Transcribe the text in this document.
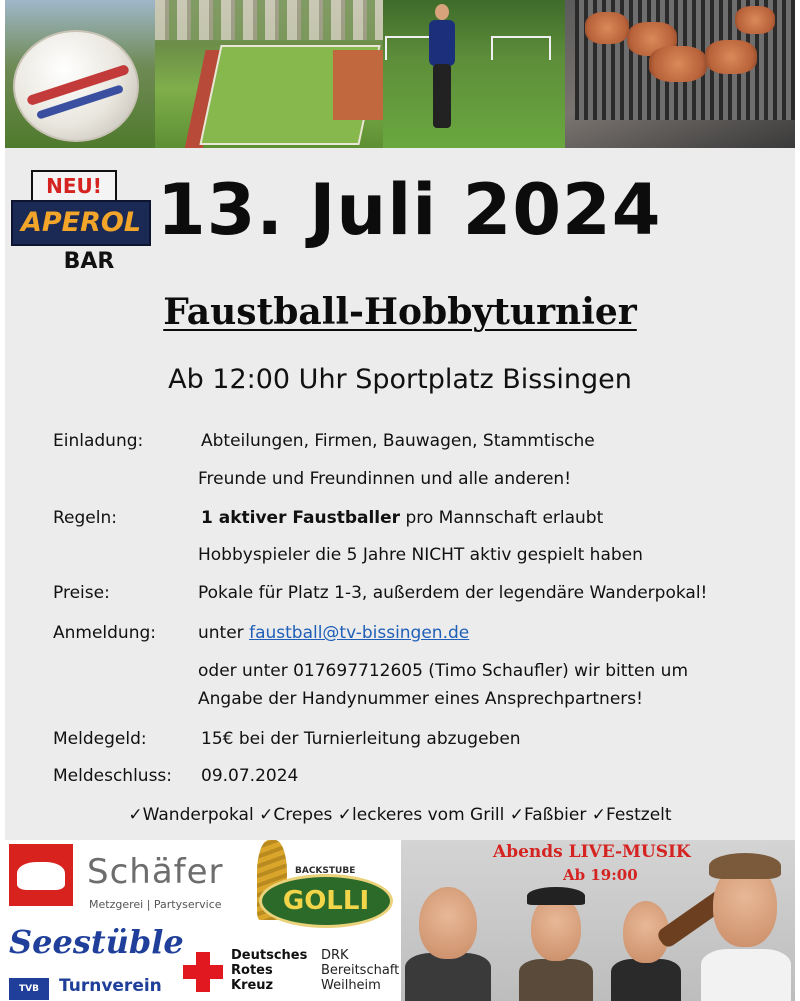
NEU!
APEROL
BAR
13. Juli 2024
Faustball-Hobbyturnier
Ab 12:00 Uhr Sportplatz Bissingen
Einladung:	Abteilungen, Firmen, Bauwagen, Stammtische
Freunde und Freundinnen und alle anderen!
Regeln:	1 aktiver Faustballer pro Mannschaft erlaubt
Hobbyspieler die 5 Jahre NICHT aktiv gespielt haben
Preise:	Pokale für Platz 1-3, außerdem der legendäre Wanderpokal!
Anmeldung: unter faustball@tv-bissingen.de
oder unter 017697712605 (Timo Schaufler) wir bitten um
Angabe der Handynummer eines Ansprechpartners!
Meldegeld:	15€ bei der Turnierleitung abzugeben
Meldeschluss: 09.07.2024
✓Wanderpokal ✓Crepes ✓leckeres vom Grill ✓Faßbier ✓Festzelt
Schäfer
Metzgerei | Partyservice
BACKSTUBE
GOLLI
Seestüble
TVB	Turnverein
Deutsches
Rotes
Kreuz
DRK
Bereitschaft
Weilheim
Abends LIVE-MUSIK
Ab 19:00
